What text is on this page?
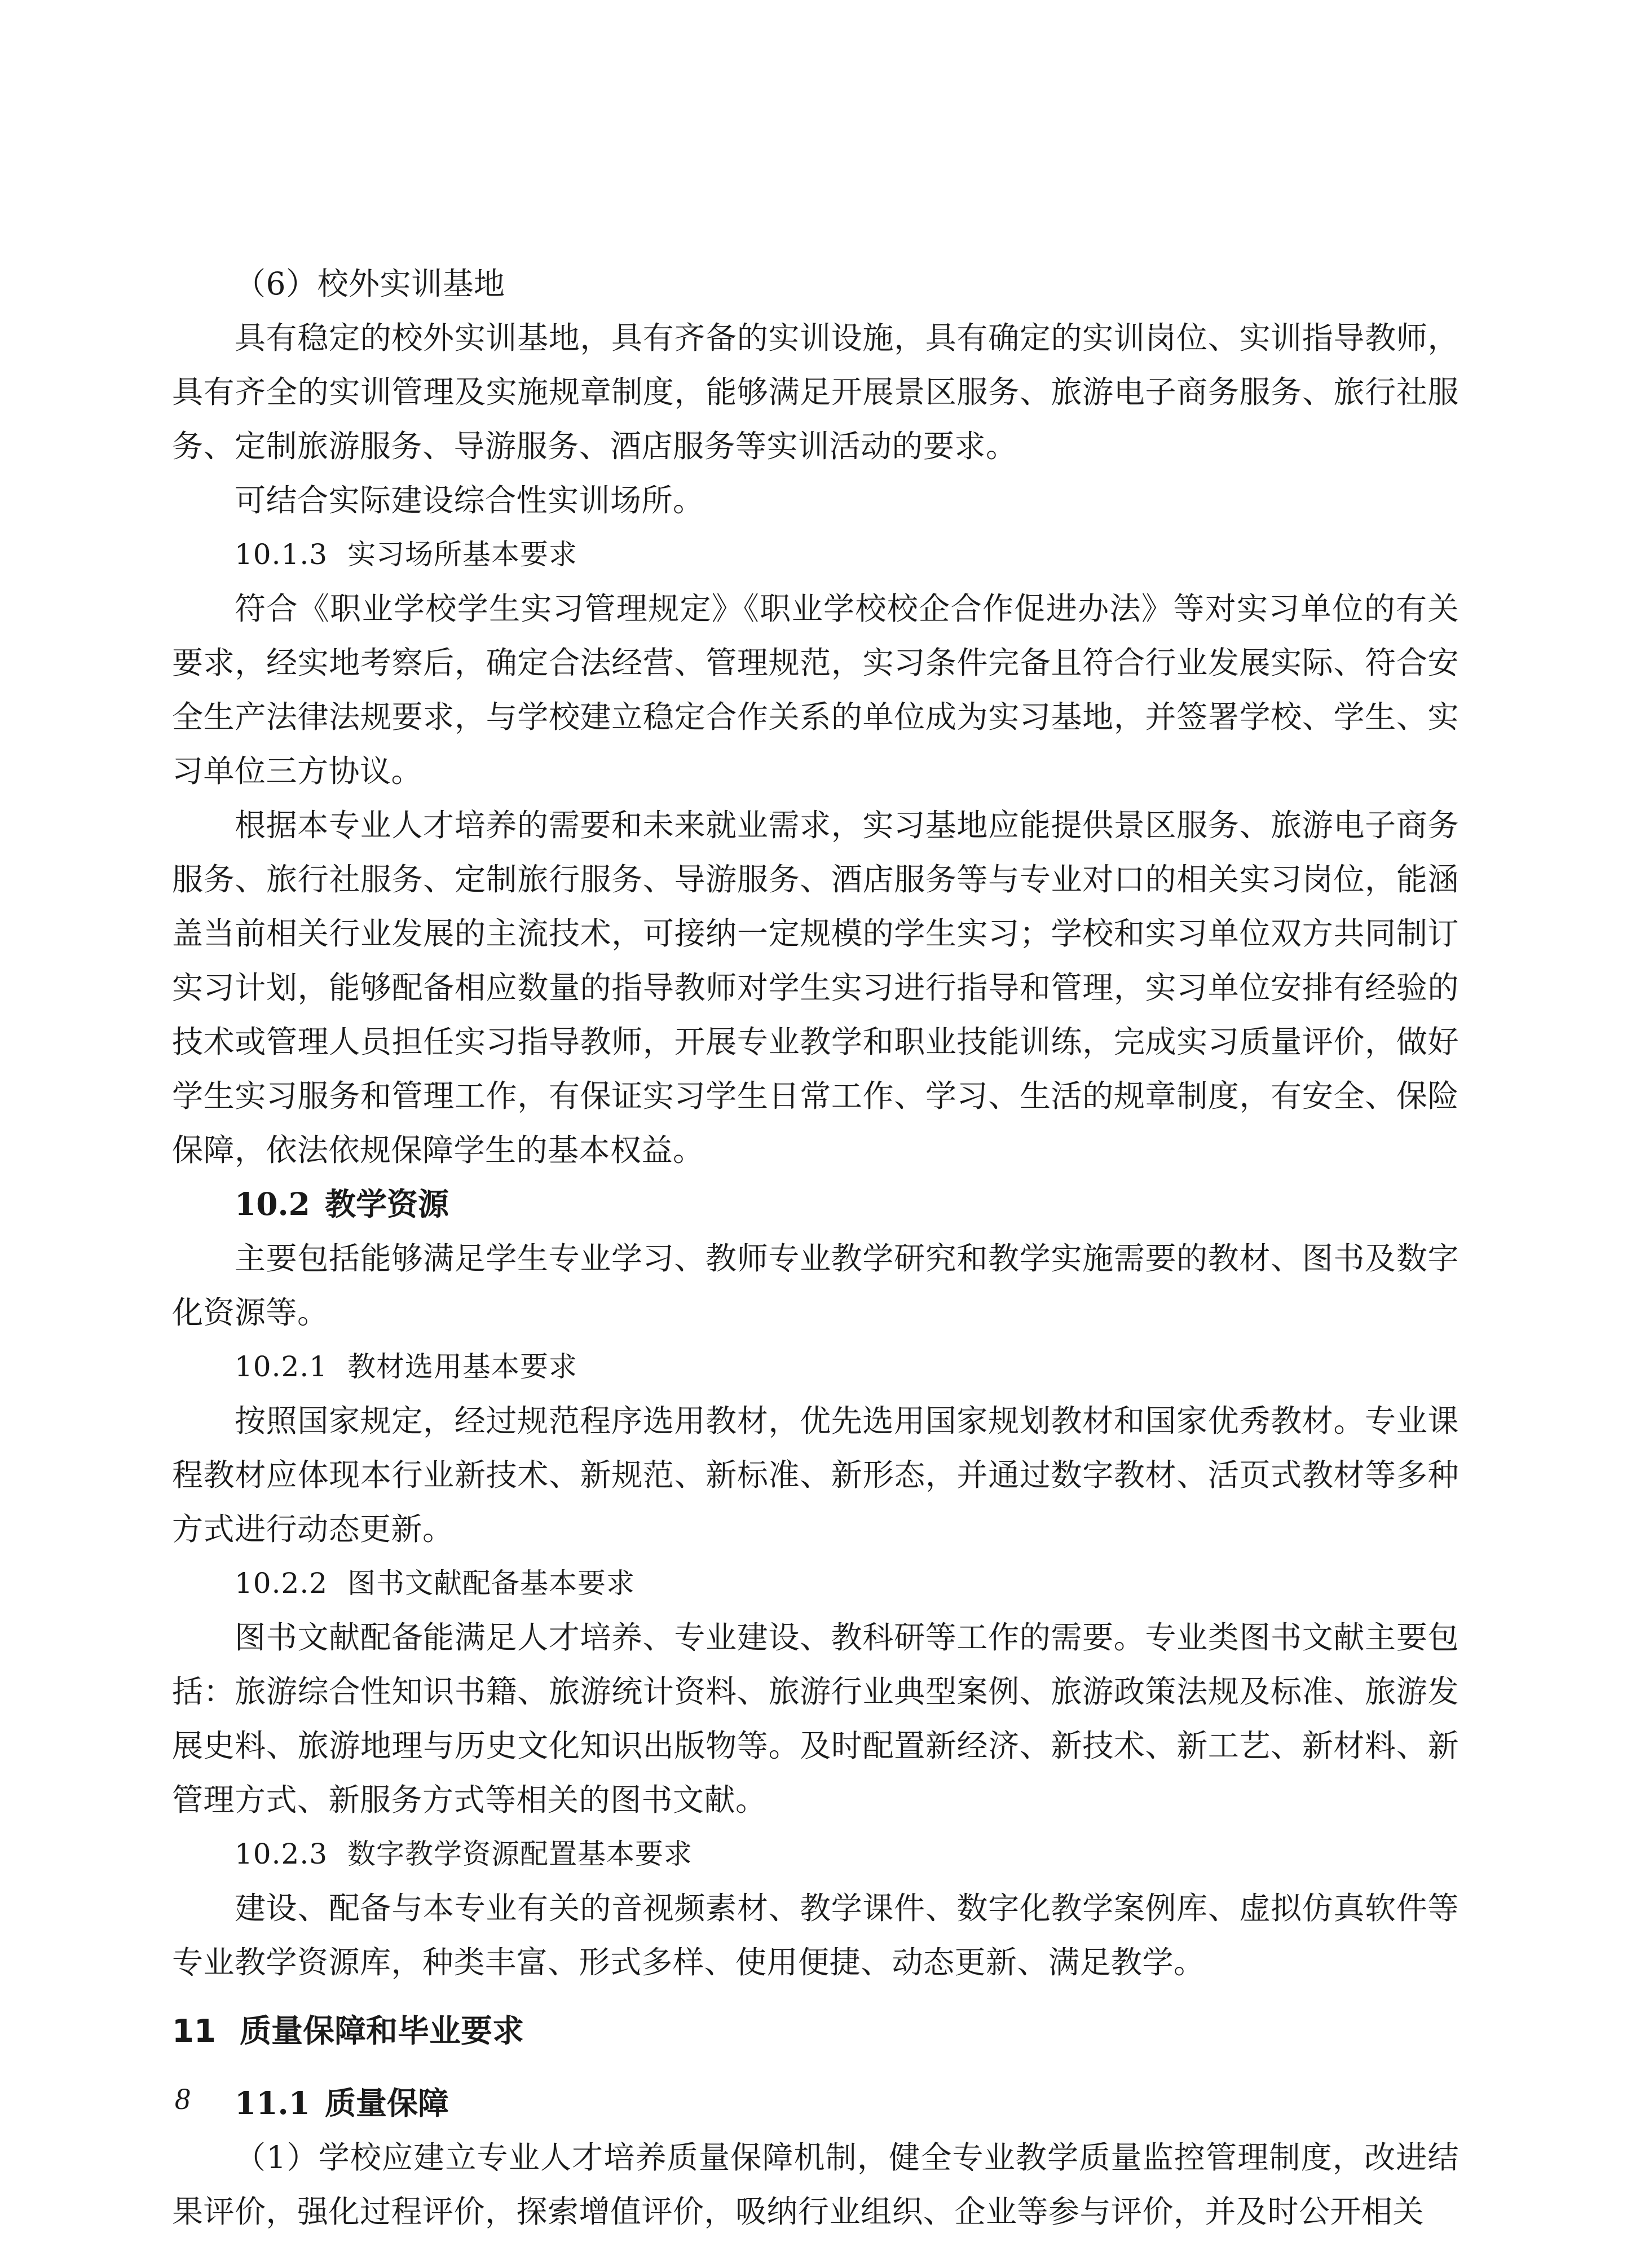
（6）校外实训基地

具有稳定的校外实训基地，具有齐备的实训设施，具有确定的实训岗位、实训指导教师，具有齐全的实训管理及实施规章制度，能够满足开展景区服务、旅游电子商务服务、旅行社服务、定制旅游服务、导游服务、酒店服务等实训活动的要求。

可结合实际建设综合性实训场所。

10.1.3 实习场所基本要求

符合《职业学校学生实习管理规定》《职业学校校企合作促进办法》等对实习单位的有关要求，经实地考察后，确定合法经营、管理规范，实习条件完备且符合行业发展实际、符合安全生产法律法规要求，与学校建立稳定合作关系的单位成为实习基地，并签署学校、学生、实习单位三方协议。

根据本专业人才培养的需要和未来就业需求，实习基地应能提供景区服务、旅游电子商务服务、旅行社服务、定制旅行服务、导游服务、酒店服务等与专业对口的相关实习岗位，能涵盖当前相关行业发展的主流技术，可接纳一定规模的学生实习；学校和实习单位双方共同制订实习计划，能够配备相应数量的指导教师对学生实习进行指导和管理，实习单位安排有经验的技术或管理人员担任实习指导教师，开展专业教学和职业技能训练，完成实习质量评价，做好学生实习服务和管理工作，有保证实习学生日常工作、学习、生活的规章制度，有安全、保险保障，依法依规保障学生的基本权益。

10.2 教学资源

主要包括能够满足学生专业学习、教师专业教学研究和教学实施需要的教材、图书及数字化资源等。

10.2.1 教材选用基本要求

按照国家规定，经过规范程序选用教材，优先选用国家规划教材和国家优秀教材。专业课程教材应体现本行业新技术、新规范、新标准、新形态，并通过数字教材、活页式教材等多种方式进行动态更新。

10.2.2 图书文献配备基本要求

图书文献配备能满足人才培养、专业建设、教科研等工作的需要。专业类图书文献主要包括：旅游综合性知识书籍、旅游统计资料、旅游行业典型案例、旅游政策法规及标准、旅游发展史料、旅游地理与历史文化知识出版物等。及时配置新经济、新技术、新工艺、新材料、新管理方式、新服务方式等相关的图书文献。

10.2.3 数字教学资源配置基本要求

建设、配备与本专业有关的音视频素材、教学课件、数字化教学案例库、虚拟仿真软件等专业教学资源库，种类丰富、形式多样、使用便捷、动态更新、满足教学。

11 质量保障和毕业要求
11.1 质量保障

（1）学校应建立专业人才培养质量保障机制，健全专业教学质量监控管理制度，改进结果评价，强化过程评价，探索增值评价，吸纳行业组织、企业等参与评价，并及时公开相关

8
